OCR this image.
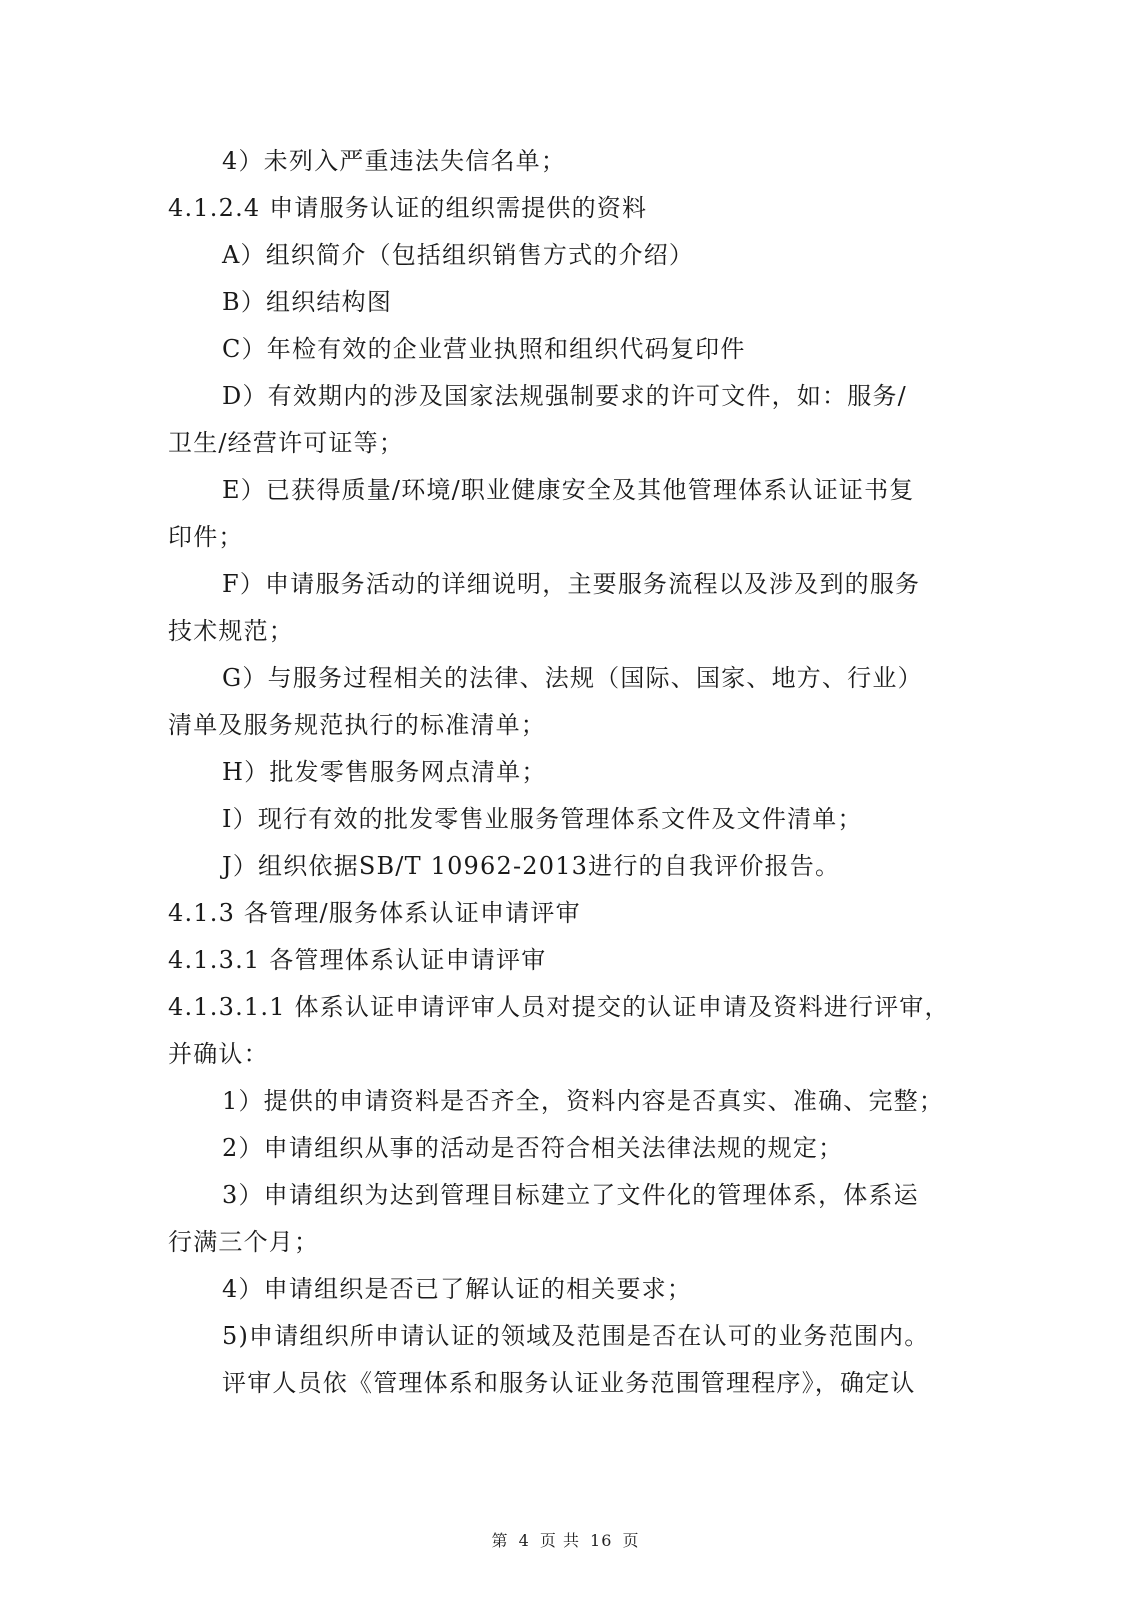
4）未列入严重违法失信名单；
4.1.2.4 申请服务认证的组织需提供的资料
A）组织简介（包括组织销售方式的介绍）
B）组织结构图
C）年检有效的企业营业执照和组织代码复印件
D）有效期内的涉及国家法规强制要求的许可文件，如：服务/
卫生/经营许可证等；
E）已获得质量/环境/职业健康安全及其他管理体系认证证书复
印件；
F）申请服务活动的详细说明，主要服务流程以及涉及到的服务
技术规范；
G）与服务过程相关的法律、法规（国际、国家、地方、行业）
清单及服务规范执行的标准清单；
H）批发零售服务网点清单；
I）现行有效的批发零售业服务管理体系文件及文件清单；
J）组织依据SB/T 10962-2013进行的自我评价报告。
4.1.3 各管理/服务体系认证申请评审
4.1.3.1 各管理体系认证申请评审
4.1.3.1.1 体系认证申请评审人员对提交的认证申请及资料进行评审，
并确认：
1）提供的申请资料是否齐全，资料内容是否真实、准确、完整；
2）申请组织从事的活动是否符合相关法律法规的规定；
3）申请组织为达到管理目标建立了文件化的管理体系，体系运
行满三个月；
4）申请组织是否已了解认证的相关要求；
5)申请组织所申请认证的领域及范围是否在认可的业务范围内。
评审人员依《管理体系和服务认证业务范围管理程序》，确定认
第 4 页 共 16 页
